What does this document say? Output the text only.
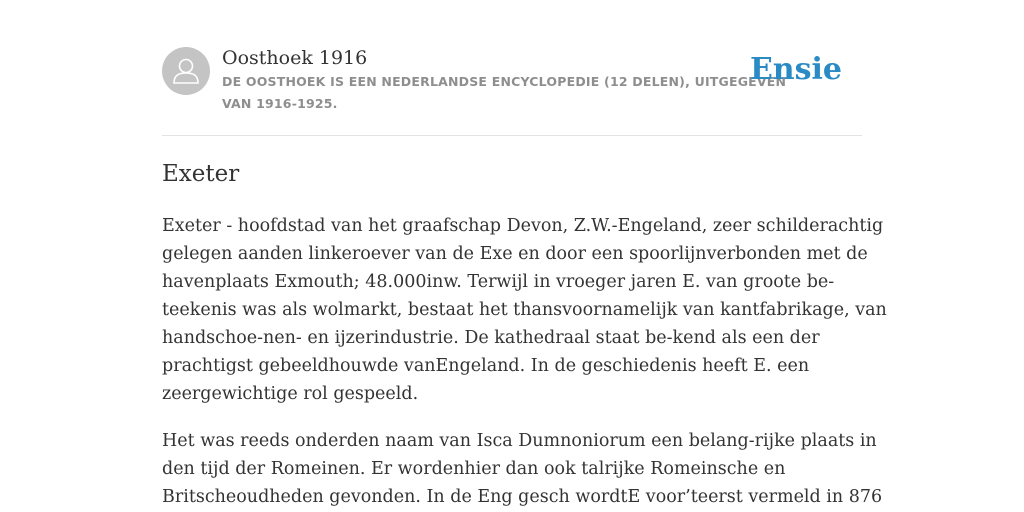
Oosthoek 1916
DE OOSTHOEK IS EEN NEDERLANDSE ENCYCLOPEDIE (12 DELEN), UITGEGEVEN
VAN 1916-1925.
Ensie
Exeter

Exeter - hoofdstad van het graafschap Devon, Z.W.-Engeland, zeer schilderachtig
gelegen aanden linkeroever van de Exe en door een spoorlijnverbonden met de
havenplaats Exmouth; 48.000inw. Terwijl in vroeger jaren E. van groote be-
teekenis was als wolmarkt, bestaat het thansvoornamelijk van kantfabrikage, van
handschoe-nen- en ijzerindustrie. De kathedraal staat be-kend als een der
prachtigst gebeeldhouwde vanEngeland. In de geschiedenis heeft E. een
zeergewichtige rol gespeeld.

Het was reeds onderden naam van Isca Dumnoniorum een belang-rijke plaats in
den tijd der Romeinen. Er wordenhier dan ook talrijke Romeinsche en
Britscheoudheden gevonden. In de Eng gesch wordtE voor’teerst vermeld in 876
